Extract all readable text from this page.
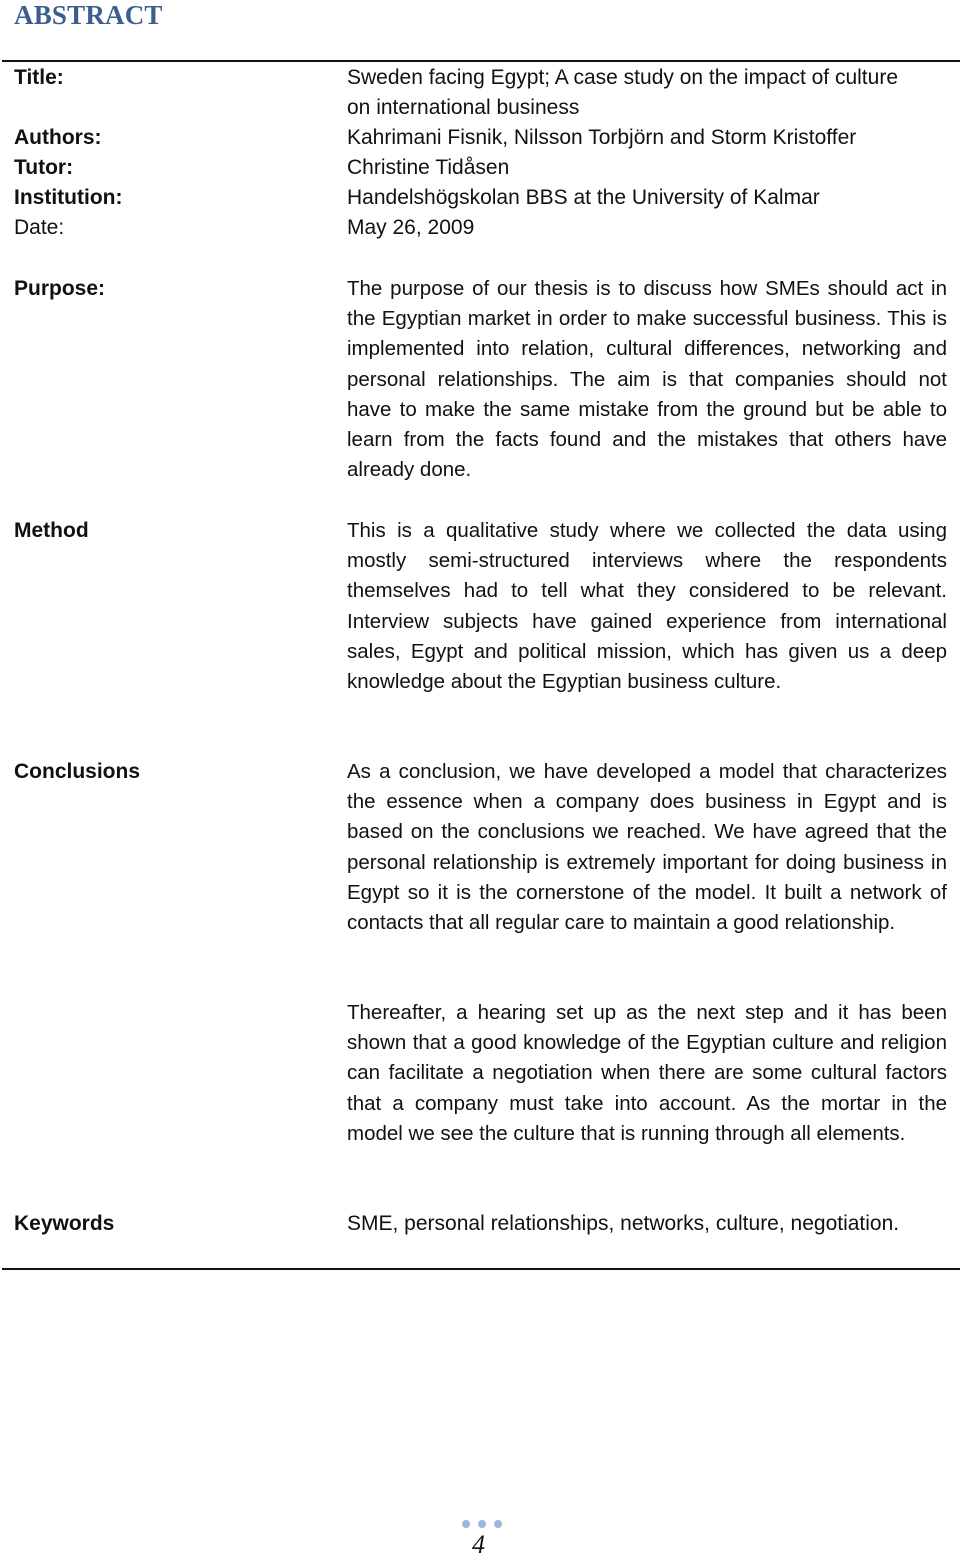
ABSTRACT
Title:	Sweden facing Egypt; A case study on the impact of culture
on international business
Authors:	Kahrimani Fisnik, Nilsson Torbjörn and Storm Kristoffer
Tutor:	Christine Tidåsen
Institution:	Handelshögskolan BBS at the University of Kalmar
Date:	May 26, 2009
Purpose:	The purpose of our thesis is to discuss how SMEs should act in the Egyptian market in order to make successful business. This is implemented into relation, cultural differences, networking and personal relationships. The aim is that companies should not have to make the same mistake from the ground but be able to learn from the facts found and the mistakes that others have already done.
Method	This is a qualitative study where we collected the data using mostly semi-structured interviews where the respondents themselves had to tell what they considered to be relevant. Interview subjects have gained experience from international sales, Egypt and political mission, which has given us a deep knowledge about the Egyptian business culture.
Conclusions	As a conclusion, we have developed a model that characterizes the essence when a company does business in Egypt and is based on the conclusions we reached. We have agreed that the personal relationship is extremely important for doing business in Egypt so it is the cornerstone of the model. It built a network of contacts that all regular care to maintain a good relationship.
Thereafter, a hearing set up as the next step and it has been shown that a good knowledge of the Egyptian culture and religion can facilitate a negotiation when there are some cultural factors that a company must take into account. As the mortar in the model we see the culture that is running through all elements.
Keywords	SME, personal relationships, networks, culture, negotiation.
4
